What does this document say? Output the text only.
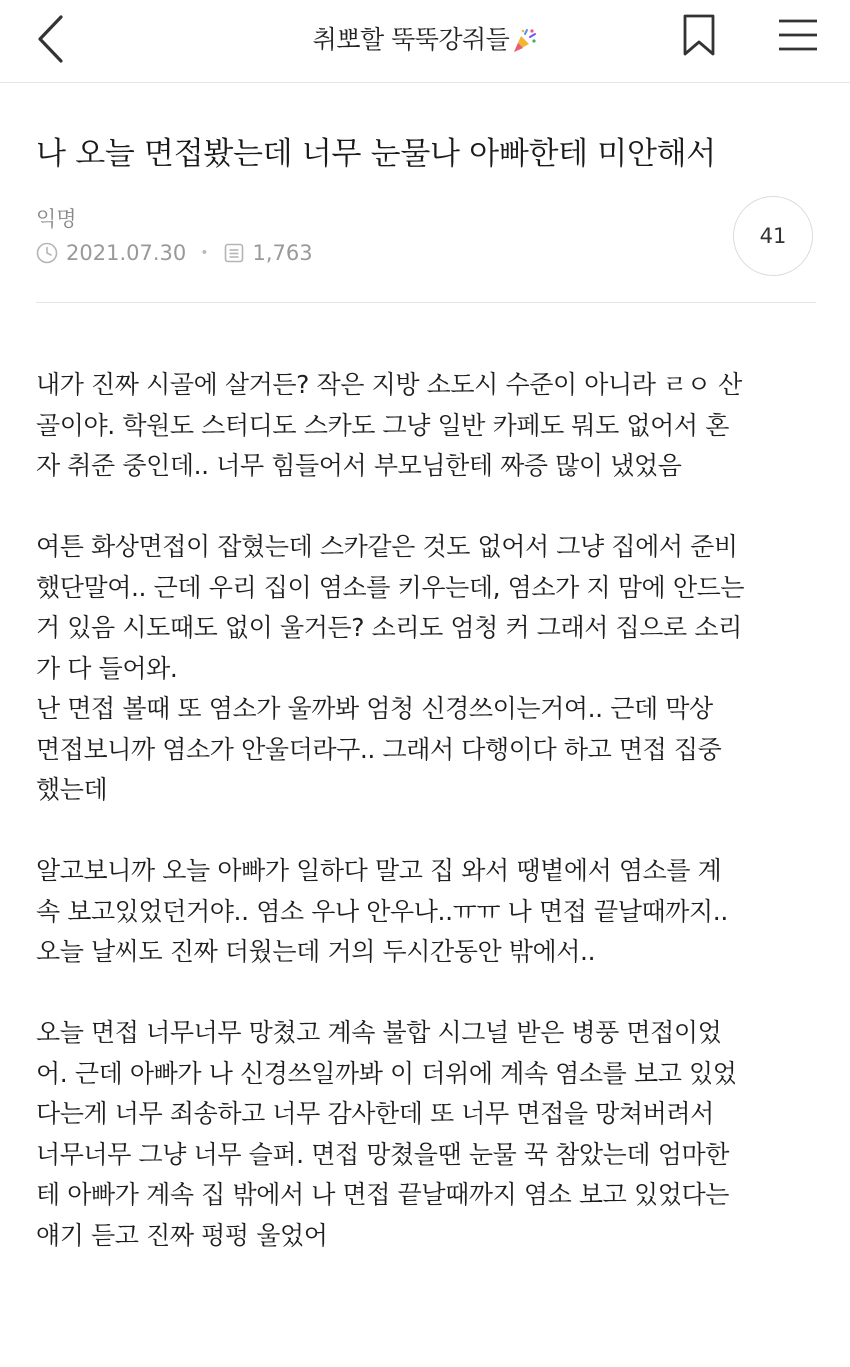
취뽀할 뚝뚝강쥐들
나 오늘 면접봤는데 너무 눈물나 아빠한테 미안해서
익명
2021.07.30 • 1,763
41
내가 진짜 시골에 살거든? 작은 지방 소도시 수준이 아니라 ㄹㅇ 산
골이야. 학원도 스터디도 스카도 그냥 일반 카페도 뭐도 없어서 혼
자 취준 중인데.. 너무 힘들어서 부모님한테 짜증 많이 냈었음
여튼 화상면접이 잡혔는데 스카같은 것도 없어서 그냥 집에서 준비
했단말여.. 근데 우리 집이 염소를 키우는데, 염소가 지 맘에 안드는
거 있음 시도때도 없이 울거든? 소리도 엄청 커 그래서 집으로 소리
가 다 들어와.
난 면접 볼때 또 염소가 울까봐 엄청 신경쓰이는거여.. 근데 막상
면접보니까 염소가 안울더라구.. 그래서 다행이다 하고 면접 집중
했는데
알고보니까 오늘 아빠가 일하다 말고 집 와서 땡볕에서 염소를 계
속 보고있었던거야.. 염소 우나 안우나..ㅠㅠ 나 면접 끝날때까지..
오늘 날씨도 진짜 더웠는데 거의 두시간동안 밖에서..
오늘 면접 너무너무 망쳤고 계속 불합 시그널 받은 병풍 면접이었
어. 근데 아빠가 나 신경쓰일까봐 이 더위에 계속 염소를 보고 있었
다는게 너무 죄송하고 너무 감사한데 또 너무 면접을 망쳐버려서
너무너무 그냥 너무 슬퍼. 면접 망쳤을땐 눈물 꾹 참았는데 엄마한
테 아빠가 계속 집 밖에서 나 면접 끝날때까지 염소 보고 있었다는
얘기 듣고 진짜 펑펑 울었어
